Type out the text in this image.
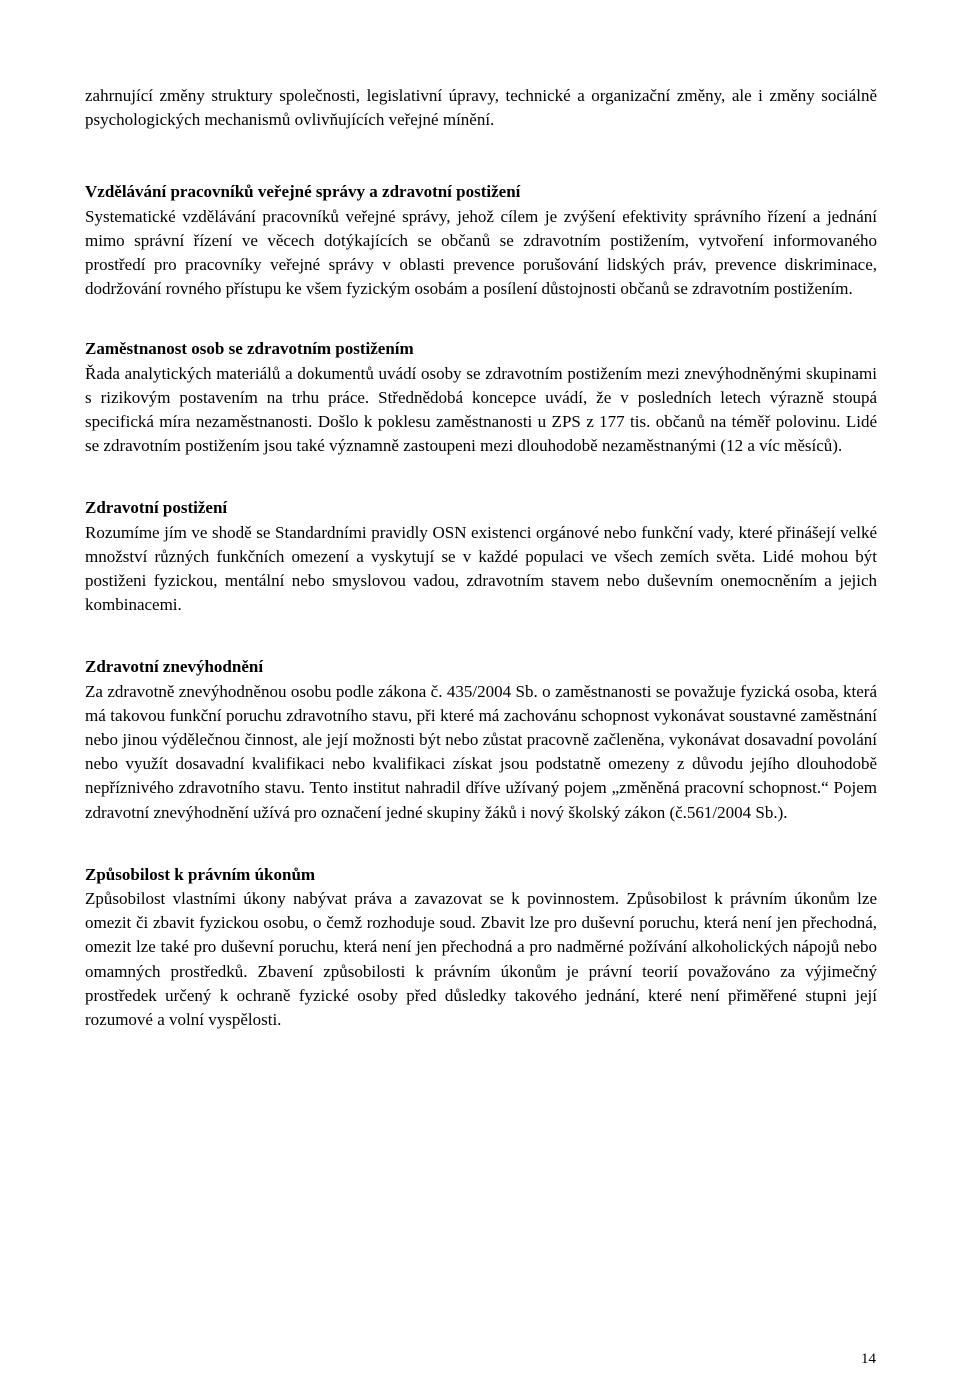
zahrnující změny struktury společnosti, legislativní úpravy, technické a organizační změny, ale i změny sociálně psychologických mechanismů ovlivňujících veřejné mínění.

Vzdělávání pracovníků veřejné správy a zdravotní postižení

Systematické vzdělávání pracovníků veřejné správy, jehož cílem je zvýšení efektivity správního řízení a jednání mimo správní řízení ve věcech dotýkajících se občanů se zdravotním postižením, vytvoření informovaného prostředí pro pracovníky veřejné správy v oblasti prevence porušování lidských práv, prevence diskriminace, dodržování rovného přístupu ke všem fyzickým osobám a posílení důstojnosti občanů se zdravotním postižením.

Zaměstnanost osob se zdravotním postižením

Řada analytických materiálů a dokumentů uvádí osoby se zdravotním postižením mezi znevýhodněnými skupinami s rizikovým postavením na trhu práce. Střednědobá koncepce uvádí, že v posledních letech výrazně stoupá specifická míra nezaměstnanosti. Došlo k poklesu zaměstnanosti u ZPS z 177 tis. občanů na téměř polovinu. Lidé se zdravotním postižením jsou také významně zastoupeni mezi dlouhodobě nezaměstnanými (12 a víc měsíců).

Zdravotní postižení

Rozumíme jím ve shodě se Standardními pravidly OSN existenci orgánové nebo funkční vady, které přinášejí velké množství různých funkčních omezení a vyskytují se v každé populaci ve všech zemích světa. Lidé mohou být postiženi fyzickou, mentální nebo smyslovou vadou, zdravotním stavem nebo duševním onemocněním a jejich kombinacemi.

Zdravotní znevýhodnění

Za zdravotně znevýhodněnou osobu podle zákona č. 435/2004 Sb. o zaměstnanosti se považuje fyzická osoba, která má takovou funkční poruchu zdravotního stavu, při které má zachovánu schopnost vykonávat soustavné zaměstnání nebo jinou výdělečnou činnost, ale její možnosti být nebo zůstat pracovně začleněna, vykonávat dosavadní povolání nebo využít dosavadní kvalifikaci nebo kvalifikaci získat jsou podstatně omezeny z důvodu jejího dlouhodobě nepříznivého zdravotního stavu. Tento institut nahradil dříve užívaný pojem „změněná pracovní schopnost.“ Pojem zdravotní znevýhodnění užívá pro označení jedné skupiny žáků i nový školský zákon (č.561/2004 Sb.).

Způsobilost k právním úkonům

Způsobilost vlastními úkony nabývat práva a zavazovat se k povinnostem. Způsobilost k právním úkonům lze omezit či zbavit fyzickou osobu, o čemž rozhoduje soud. Zbavit lze pro duševní poruchu, která není jen přechodná, omezit lze také pro duševní poruchu, která není jen přechodná a pro nadměrné požívání alkoholických nápojů nebo omamných prostředků. Zbavení způsobilosti k právním úkonům je právní teorií považováno za výjimečný prostředek určený k ochraně fyzické osoby před důsledky takového jednání, které není přiměřené stupni její rozumové a volní vyspělosti.

14
